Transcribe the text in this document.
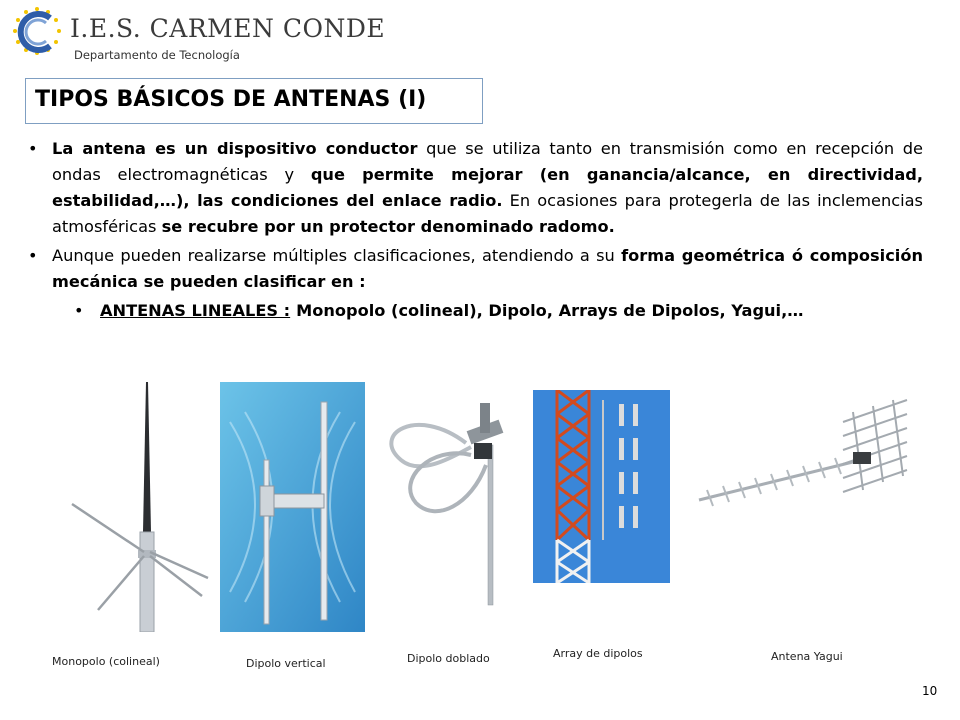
I.E.S. CARMEN CONDE
Departamento de Tecnología
TIPOS BÁSICOS DE ANTENAS (I)

• La antena es un dispositivo conductor que se utiliza tanto en transmisión como en recepción de ondas electromagnéticas y que permite mejorar (en ganancia/alcance, en directividad, estabilidad,…), las condiciones del enlace radio. En ocasiones para protegerla de las inclemencias atmosféricas se recubre por un protector denominado radomo.

• Aunque pueden realizarse múltiples clasificaciones, atendiendo a su forma geométrica ó composición mecánica se pueden clasificar en :

• ANTENAS LINEALES : Monopolo (colineal), Dipolo, Arrays de Dipolos, Yagui,…
Monopolo (colineal)	Dipolo vertical	Dipolo doblado	Array de dipolos	Antena Yagui
10
